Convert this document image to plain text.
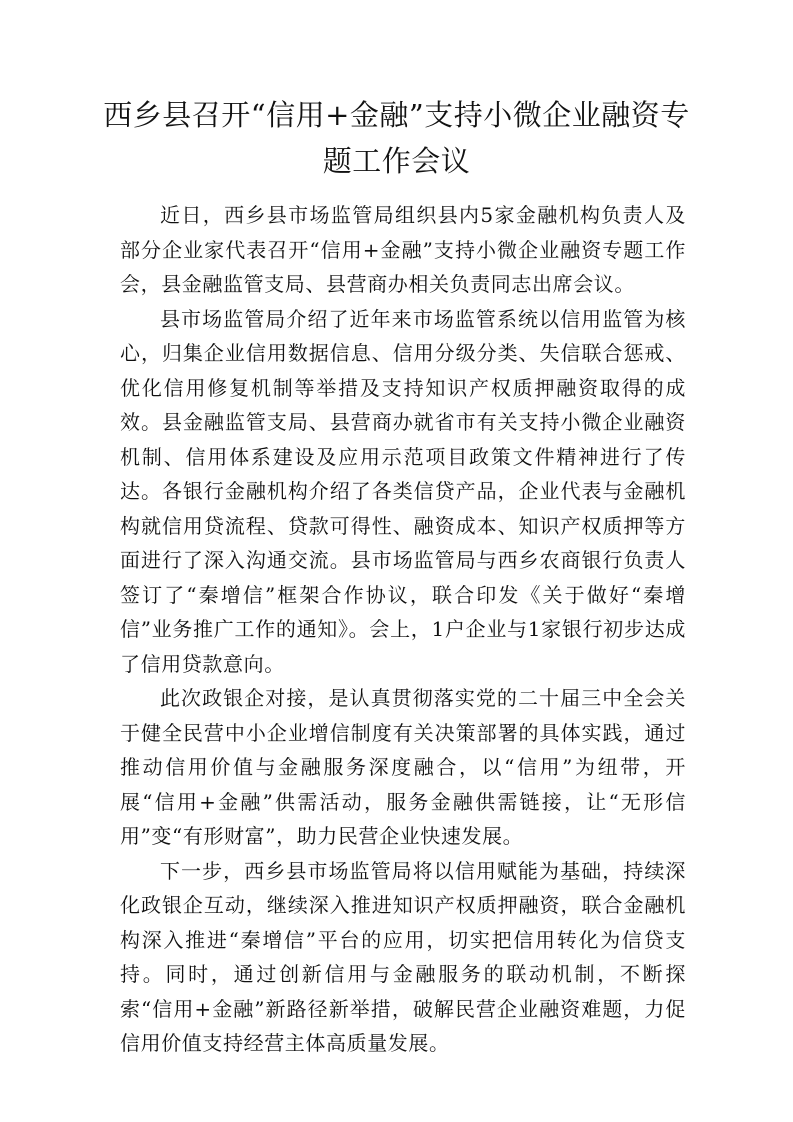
西乡县召开“信用+金融”支持小微企业融资专题工作会议

近日，西乡县市场监管局组织县内5家金融机构负责人及部分企业家代表召开“信用+金融”支持小微企业融资专题工作会，县金融监管支局、县营商办相关负责同志出席会议。

县市场监管局介绍了近年来市场监管系统以信用监管为核心，归集企业信用数据信息、信用分级分类、失信联合惩戒、优化信用修复机制等举措及支持知识产权质押融资取得的成效。县金融监管支局、县营商办就省市有关支持小微企业融资机制、信用体系建设及应用示范项目政策文件精神进行了传达。各银行金融机构介绍了各类信贷产品，企业代表与金融机构就信用贷流程、贷款可得性、融资成本、知识产权质押等方面进行了深入沟通交流。县市场监管局与西乡农商银行负责人签订了“秦增信”框架合作协议，联合印发《关于做好“秦增信”业务推广工作的通知》。会上，1户企业与1家银行初步达成了信用贷款意向。

此次政银企对接，是认真贯彻落实党的二十届三中全会关于健全民营中小企业增信制度有关决策部署的具体实践，通过推动信用价值与金融服务深度融合，以“信用”为纽带，开展“信用+金融”供需活动，服务金融供需链接，让“无形信用”变“有形财富”，助力民营企业快速发展。

下一步，西乡县市场监管局将以信用赋能为基础，持续深化政银企互动，继续深入推进知识产权质押融资，联合金融机构深入推进“秦增信”平台的应用，切实把信用转化为信贷支持。同时，通过创新信用与金融服务的联动机制，不断探索“信用+金融”新路径新举措，破解民营企业融资难题，力促信用价值支持经营主体高质量发展。
